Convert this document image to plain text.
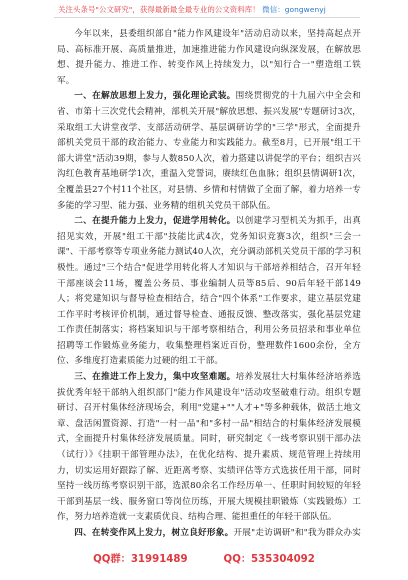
关注头条号"公文研究"，获得最新最全最专业的公文资料库！ 微信：gongwenyj

今年以来，县委组织部自"能力作风建设年"活动启动以来，坚持高起点开局、高标准开展、高质量推进，加速推进能力作风建设向纵深发展，在解放思想、提升能力、推进工作、转变作风上持续发力，以"知行合一"塑造组工铁军。

一、在解放思想上发力，强化理论武装。围绕贯彻党的十九届六中全会和省、市第十三次党代会精神，部机关开展"解放思想、振兴发展"专题研讨3次，采取组工大讲堂夜学、支部活动研学、基层调研访学的"三学"形式，全面提升部机关党员干部的政治能力、专业能力和实践能力。截至8月，已开展"组工干部大讲堂"活动39期，参与人数850人次，着力搭建以讲促学的平台；组织吉兴沟红色教育基地研学1次，重温入党誓词，赓续红色血脉；组织县情调研1次，全覆盖县27个村11个社区，对县情、乡情和村情做了全面了解，着力培养一专多能的学习型、能力强、业务精的组机关党员干部队伍。

二、在提升能力上发力，促进学用转化。以创建学习型机关为抓手，出真招见实效，开展"组工干部"技能比武4次，党务知识竞赛3次，组织"三会一课"、干部考察等专项业务能力测试40人次，充分调动部机关党员干部的学习积极性。通过"三个结合"促进学用转化将人才知识与干部培养相结合，召开年轻干部座谈会11场，覆盖公务员、事业编制人员等85后、90后年轻干部149人；将党建知识与督导检查相结合，结合"四个体系"工作要求，建立基层党建工作平时考核评价机制，通过督导检查、通报反馈、整改落实，强化基层党建工作责任制落实；将档案知识与干部考察相结合，利用公务员招录和事业单位招聘等工作锻炼业务能力，收集整理档案近百份，整理数件1600余份，全方位、多维度打造素质能力过硬的组工干部。

三、在推进工作上发力，集中攻坚难题。培养发展壮大村集体经济培养选拔优秀年轻干部纳入组织部门"能力作风建设年"活动攻坚破难行动。组织专题研讨、召开村集体经济现场会，利用"党建+""人才+"等多种载体，做活土地文章、盘活闲置资源、打造"一村一品"和"多村一品"相结合的村集体经济发展模式，全面提升村集体经济发展质量。同时，研究制定《一线考察识别干部办法（试行）》《挂职干部管理办法》，在优化结构、提升素质、规范管理上持续用力，切实运用好跟踪了解、近距离考察、实绩评估等方式选拔任用干部，同时坚持一线历练考察识别干部，选派80余名工作经历单一、任职时间较短的年轻干部到基层一线、服务窗口等岗位历练，开展大规模挂职锻炼（实践锻炼）工作，努力培养造就一支素质优良、结构合理、能担重任的年轻干部队伍。

四、在转变作风上发力，树立良好形象。开展"走访调研"和"我为群众办实

QQ群：31991489	QQ：535304092
